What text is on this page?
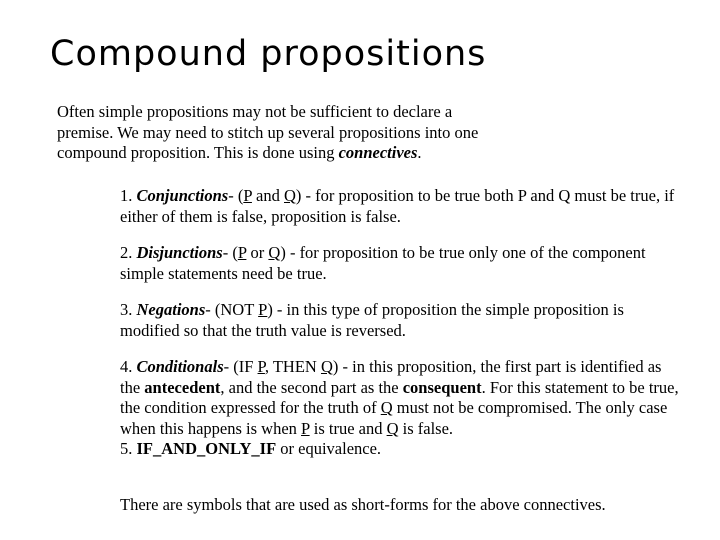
Compound propositions

Often simple propositions may not be sufficient to declare a premise. We may need to stitch up several propositions into one compound proposition. This is done using connectives.

1. Conjunctions- (P and Q) - for proposition to be true both P and Q must be true, if either of them is false, proposition is false.

2. Disjunctions- (P or Q) - for proposition to be true only one of the component simple statements need be true.

3. Negations- (NOT P) - in this type of proposition the simple proposition is modified so that the truth value is reversed.

4. Conditionals- (IF P, THEN Q) - in this proposition, the first part is identified as the antecedent, and the second part as the consequent. For this statement to be true, the condition expressed for the truth of Q must not be compromised. The only case when this happens is when P is true and Q is false.

5. IF_AND_ONLY_IF or equivalence.

There are symbols that are used as short-forms for the above connectives.
